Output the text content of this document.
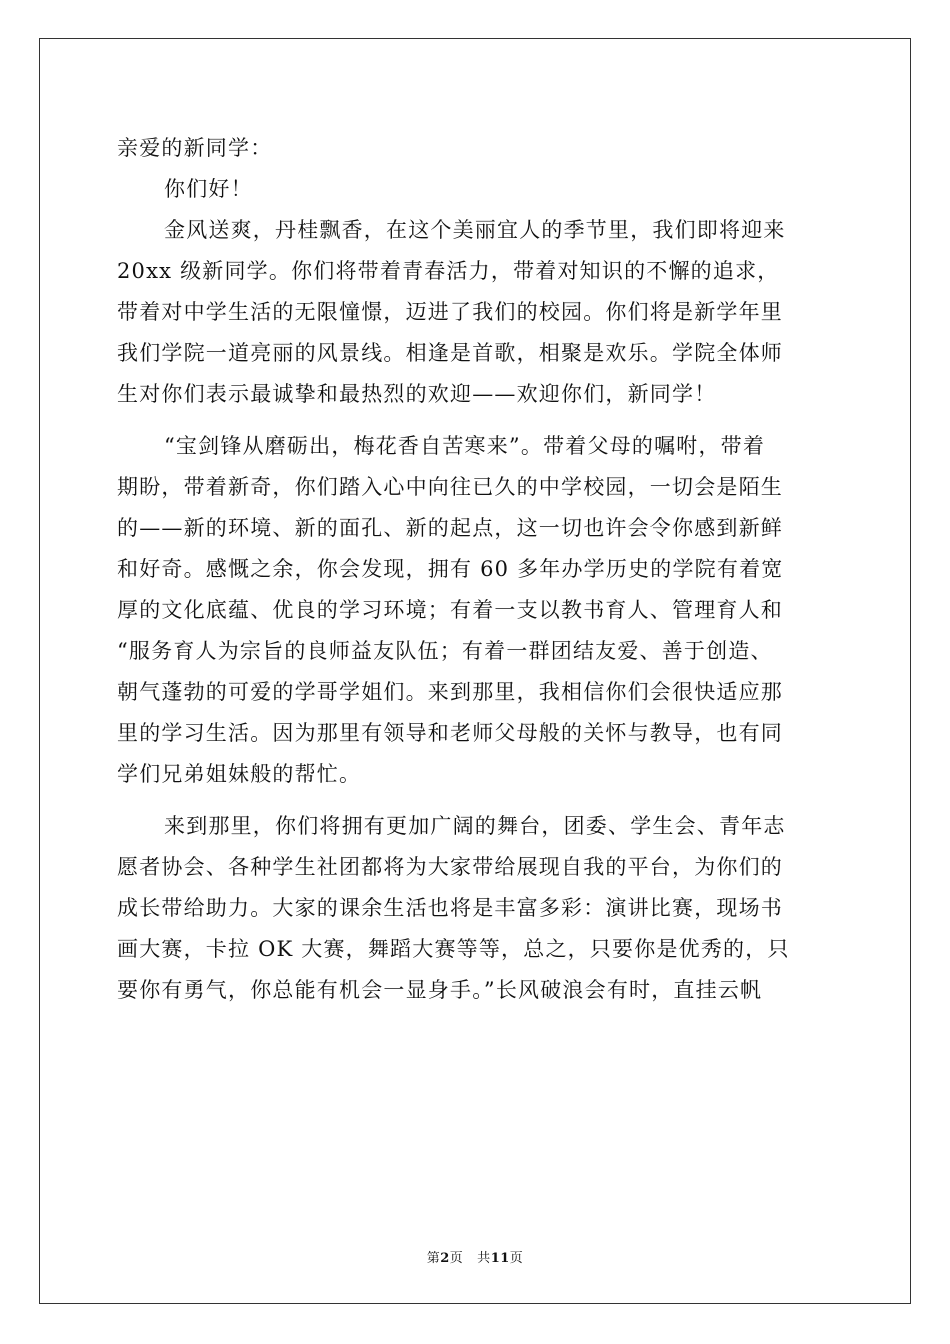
亲爱的新同学：
你们好！
金风送爽，丹桂飘香，在这个美丽宜人的季节里，我们即将迎来
20xx 级新同学。你们将带着青春活力，带着对知识的不懈的追求，
带着对中学生活的无限憧憬，迈进了我们的校园。你们将是新学年里
我们学院一道亮丽的风景线。相逢是首歌，相聚是欢乐。学院全体师
生对你们表示最诚挚和最热烈的欢迎——欢迎你们，新同学！
“宝剑锋从磨砺出，梅花香自苦寒来”。带着父母的嘱咐，带着
期盼，带着新奇，你们踏入心中向往已久的中学校园，一切会是陌生
的——新的环境、新的面孔、新的起点，这一切也许会令你感到新鲜
和好奇。感慨之余，你会发现，拥有 60 多年办学历史的学院有着宽
厚的文化底蕴、优良的学习环境；有着一支以教书育人、管理育人和
“服务育人为宗旨的良师益友队伍；有着一群团结友爱、善于创造、
朝气蓬勃的可爱的学哥学姐们。来到那里，我相信你们会很快适应那
里的学习生活。因为那里有领导和老师父母般的关怀与教导，也有同
学们兄弟姐妹般的帮忙。
来到那里，你们将拥有更加广阔的舞台，团委、学生会、青年志
愿者协会、各种学生社团都将为大家带给展现自我的平台，为你们的
成长带给助力。大家的课余生活也将是丰富多彩：演讲比赛，现场书
画大赛，卡拉 OK 大赛，舞蹈大赛等等，总之，只要你是优秀的，只
要你有勇气，你总能有机会一显身手。”长风破浪会有时，直挂云帆
第2页 共11页
